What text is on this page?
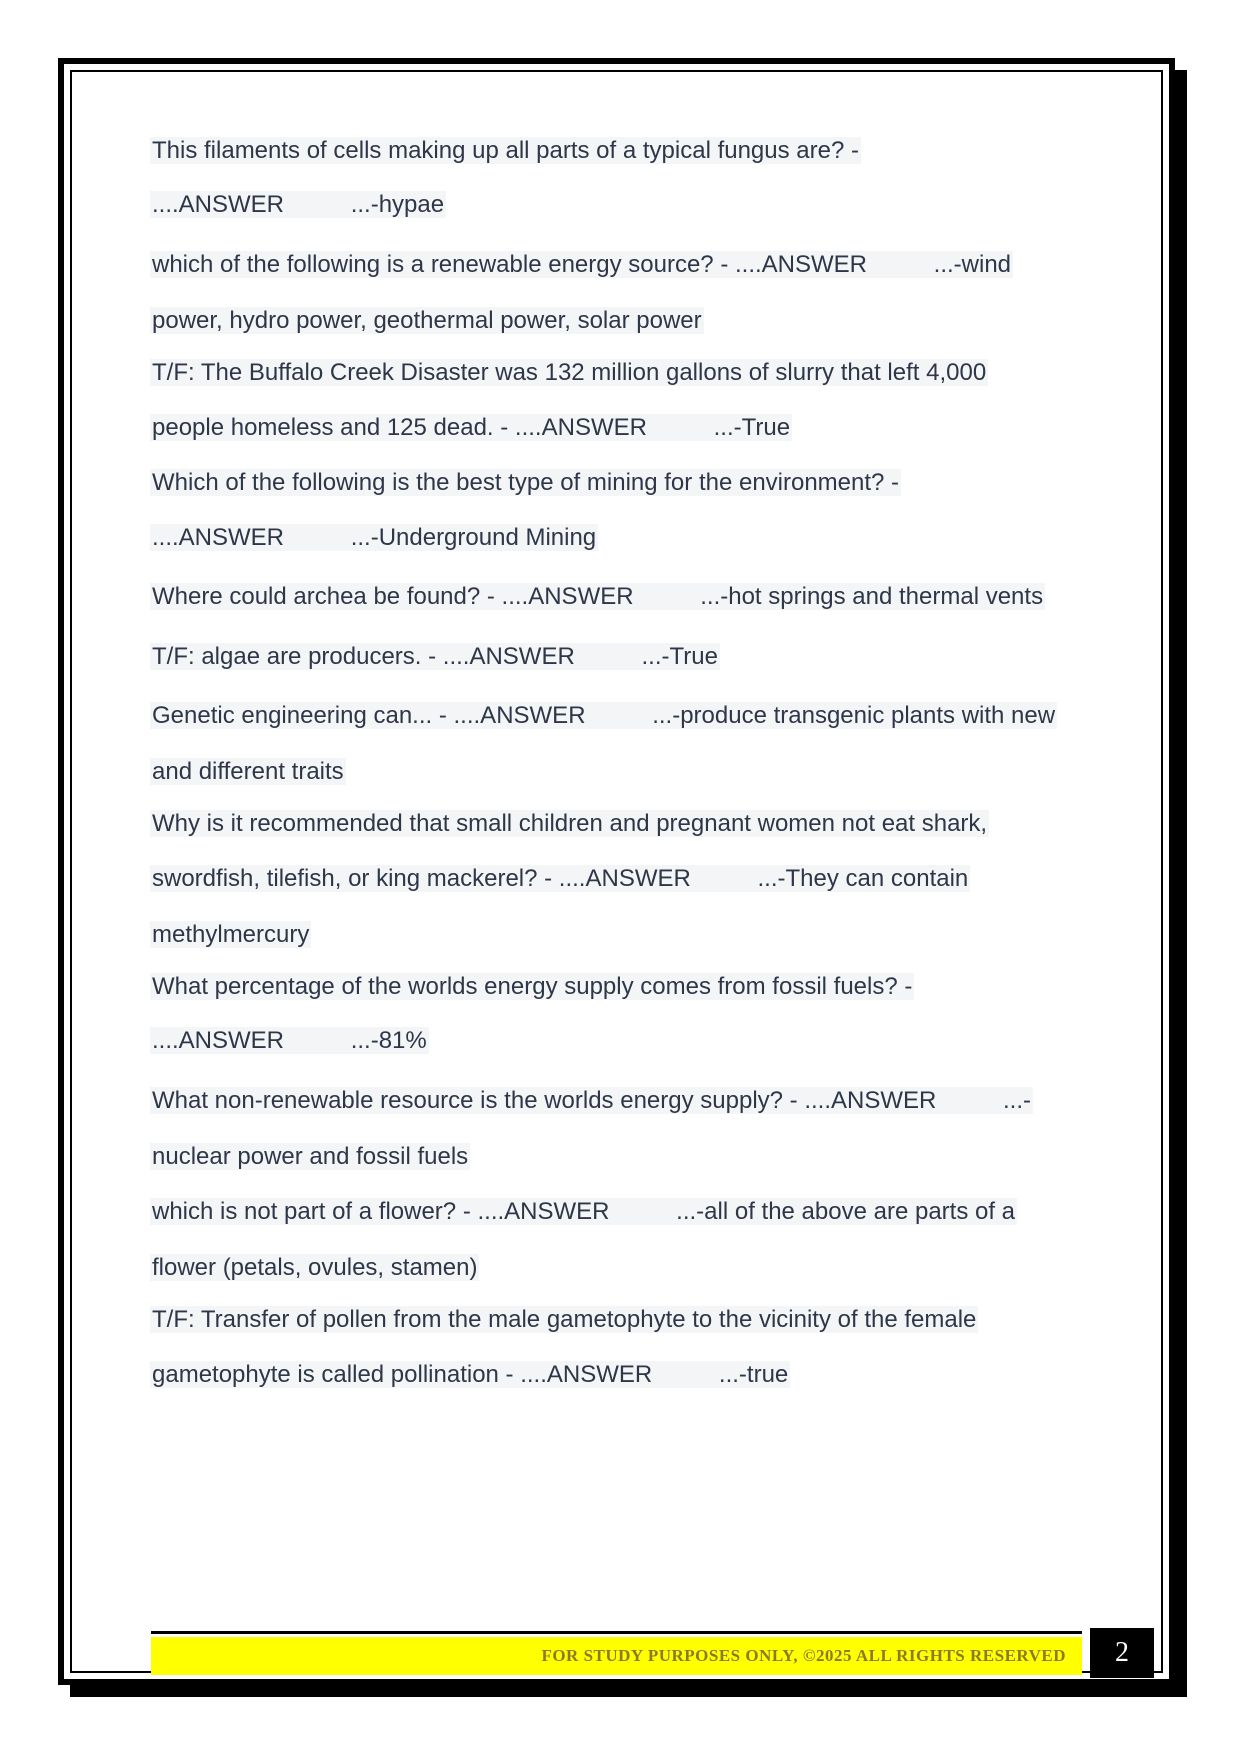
This filaments of cells making up all parts of a typical fungus are? -
....ANSWER          ...-hypae
which of the following is a renewable energy source? - ....ANSWER          ...-wind
power, hydro power, geothermal power, solar power
T/F: The Buffalo Creek Disaster was 132 million gallons of slurry that left 4,000
people homeless and 125 dead. - ....ANSWER          ...-True
Which of the following is the best type of mining for the environment? -
....ANSWER          ...-Underground Mining
Where could archea be found? - ....ANSWER          ...-hot springs and thermal vents
T/F: algae are producers. - ....ANSWER          ...-True
Genetic engineering can... - ....ANSWER          ...-produce transgenic plants with new
and different traits
Why is it recommended that small children and pregnant women not eat shark,
swordfish, tilefish, or king mackerel? - ....ANSWER          ...-They can contain
methylmercury
What percentage of the worlds energy supply comes from fossil fuels? -
....ANSWER          ...-81%
What non-renewable resource is the worlds energy supply? - ....ANSWER          ...-
nuclear power and fossil fuels
which is not part of a flower? - ....ANSWER          ...-all of the above are parts of a
flower (petals, ovules, stamen)
T/F: Transfer of pollen from the male gametophyte to the vicinity of the female
gametophyte is called pollination - ....ANSWER          ...-true
FOR STUDY PURPOSES ONLY, ©2025 ALL RIGHTS RESERVED	2
